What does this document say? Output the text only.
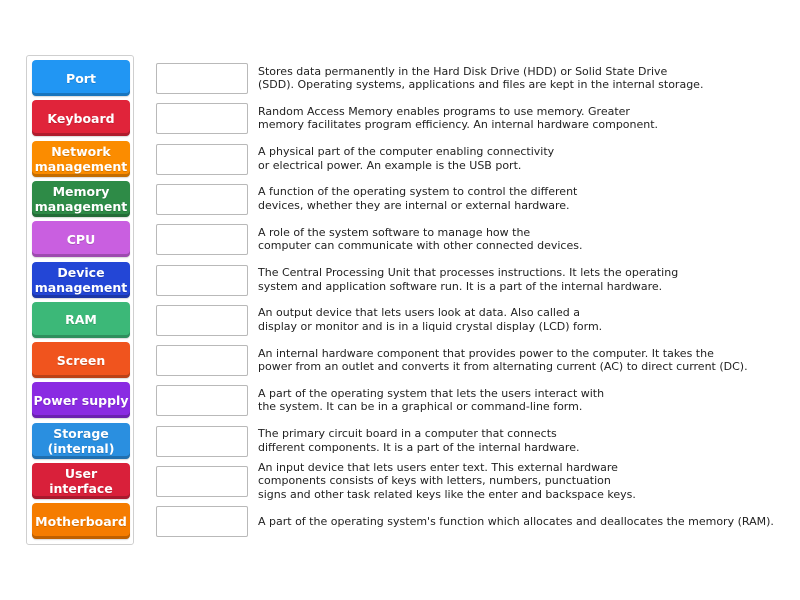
Port
Keyboard
Network
management
Memory
management
CPU
Device
management
RAM
Screen
Power supply
Storage
(internal)
User interface
Motherboard
Stores data permanently in the Hard Disk Drive (HDD) or Solid State Drive
(SDD). Operating systems, applications and files are kept in the internal storage.
Random Access Memory enables programs to use memory. Greater
memory facilitates program efficiency. An internal hardware component.
A physical part of the computer enabling connectivity
or electrical power. An example is the USB port.
A function of the operating system to control the different
devices, whether they are internal or external hardware.
A role of the system software to manage how the
computer can communicate with other connected devices.
The Central Processing Unit that processes instructions. It lets the operating
system and application software run. It is a part of the internal hardware.
An output device that lets users look at data. Also called a
display or monitor and is in a liquid crystal display (LCD) form.
An internal hardware component that provides power to the computer. It takes the
power from an outlet and converts it from alternating current (AC) to direct current (DC).
A part of the operating system that lets the users interact with
the system. It can be in a graphical or command-line form.
The primary circuit board in a computer that connects
different components. It is a part of the internal hardware.
An input device that lets users enter text. This external hardware
components consists of keys with letters, numbers, punctuation
signs and other task related keys like the enter and backspace keys.
A part of the operating system's function which allocates and deallocates the memory (RAM).
